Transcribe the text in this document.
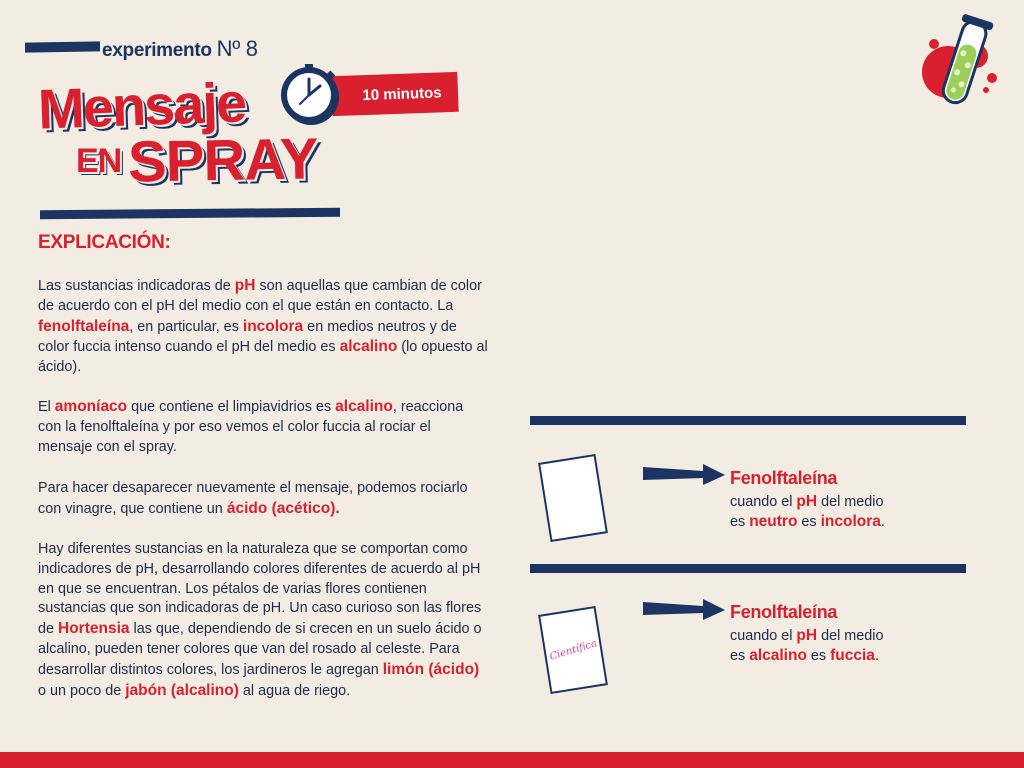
experimento Nº 8
Mensaje
EN SPRAY
10 minutos
EXPLICACIÓN:

Las sustancias indicadoras de pH son aquellas que cambian de color de acuerdo con el pH del medio con el que están en contacto. La fenolftaleína, en particular, es incolora en medios neutros y de color fuccia intenso cuando el pH del medio es alcalino (lo opuesto al ácido).

El amoníaco que contiene el limpiavidrios es alcalino, reacciona con la fenolftaleína y por eso vemos el color fuccia al rociar el mensaje con el spray.

Para hacer desaparecer nuevamente el mensaje, podemos rociarlo con vinagre, que contiene un ácido (acético).

Hay diferentes sustancias en la naturaleza que se comportan como indicadores de pH, desarrollando colores diferentes de acuerdo al pH en que se encuentran. Los pétalos de varias flores contienen sustancias que son indicadoras de pH. Un caso curioso son las flores de Hortensia las que, dependiendo de si crecen en un suelo ácido o alcalino, pueden tener colores que van del rosado al celeste. Para desarrollar distintos colores, los jardineros le agregan limón (ácido) o un poco de jabón (alcalino) al agua de riego.

Fenolftaleína
cuando el pH del medio
es neutro es incolora.
Científica
Fenolftaleína
cuando el pH del medio
es alcalino es fuccia.
